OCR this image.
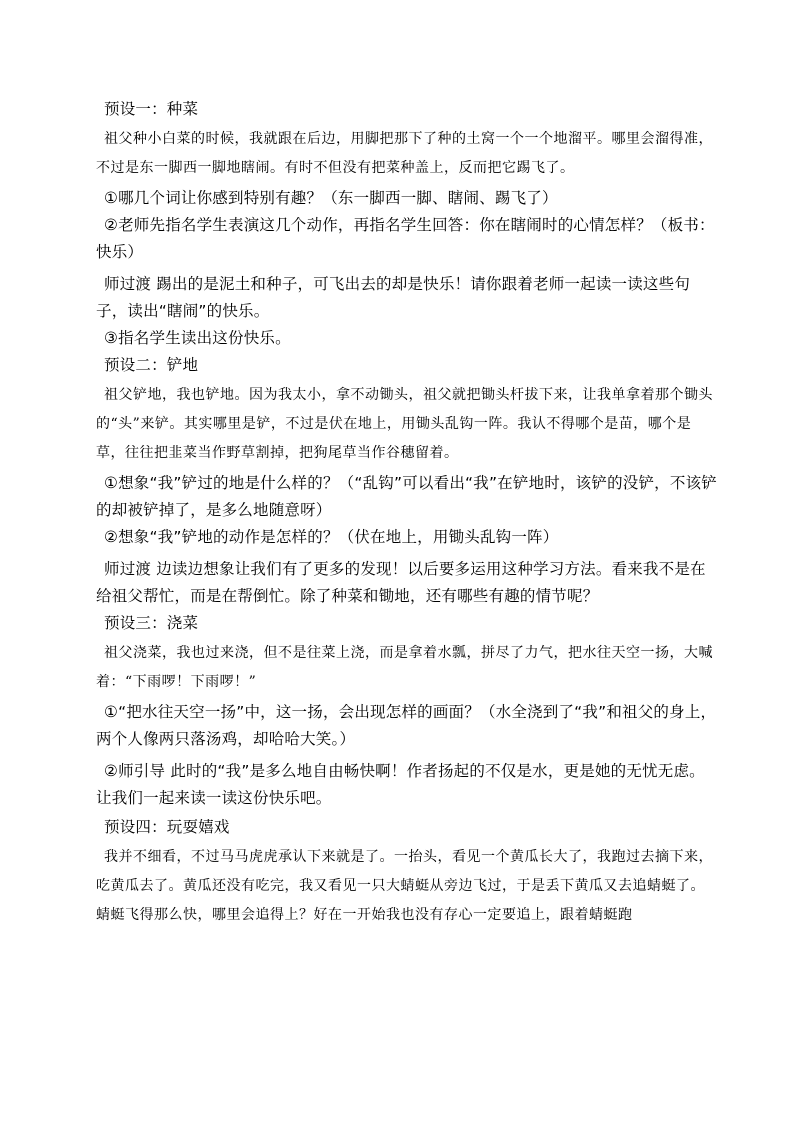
预设一：种菜

祖父种小白菜的时候，我就跟在后边，用脚把那下了种的土窝一个一个地溜平。哪里会溜得准，不过是东一脚西一脚地瞎闹。有时不但没有把菜种盖上，反而把它踢飞了。

①哪几个词让你感到特别有趣？（东一脚西一脚、瞎闹、踢飞了）

②老师先指名学生表演这几个动作，再指名学生回答：你在瞎闹时的心情怎样？（板书：快乐）

师过渡 踢出的是泥土和种子，可飞出去的却是快乐！请你跟着老师一起读一读这些句子，读出“瞎闹”的快乐。

③指名学生读出这份快乐。

预设二：铲地

祖父铲地，我也铲地。因为我太小，拿不动锄头，祖父就把锄头杆拔下来，让我单拿着那个锄头的“头”来铲。其实哪里是铲，不过是伏在地上，用锄头乱钩一阵。我认不得哪个是苗，哪个是草，往往把韭菜当作野草割掉，把狗尾草当作谷穗留着。

①想象“我”铲过的地是什么样的？（“乱钩”可以看出“我”在铲地时，该铲的没铲，不该铲的却被铲掉了，是多么地随意呀）

②想象“我”铲地的动作是怎样的？（伏在地上，用锄头乱钩一阵）

师过渡 边读边想象让我们有了更多的发现！以后要多运用这种学习方法。看来我不是在给祖父帮忙，而是在帮倒忙。除了种菜和锄地，还有哪些有趣的情节呢？

预设三：浇菜

祖父浇菜，我也过来浇，但不是往菜上浇，而是拿着水瓢，拼尽了力气，把水往天空一扬，大喊着：“下雨啰！下雨啰！”

①“把水往天空一扬”中，这一扬，会出现怎样的画面？（水全浇到了“我”和祖父的身上，两个人像两只落汤鸡，却哈哈大笑。）

②师引导 此时的“我”是多么地自由畅快啊！作者扬起的不仅是水，更是她的无忧无虑。让我们一起来读一读这份快乐吧。

预设四：玩耍嬉戏

我并不细看，不过马马虎虎承认下来就是了。一抬头，看见一个黄瓜长大了，我跑过去摘下来，吃黄瓜去了。黄瓜还没有吃完，我又看见一只大蜻蜓从旁边飞过，于是丢下黄瓜又去追蜻蜓了。蜻蜓飞得那么快，哪里会追得上？好在一开始我也没有存心一定要追上，跟着蜻蜓跑
